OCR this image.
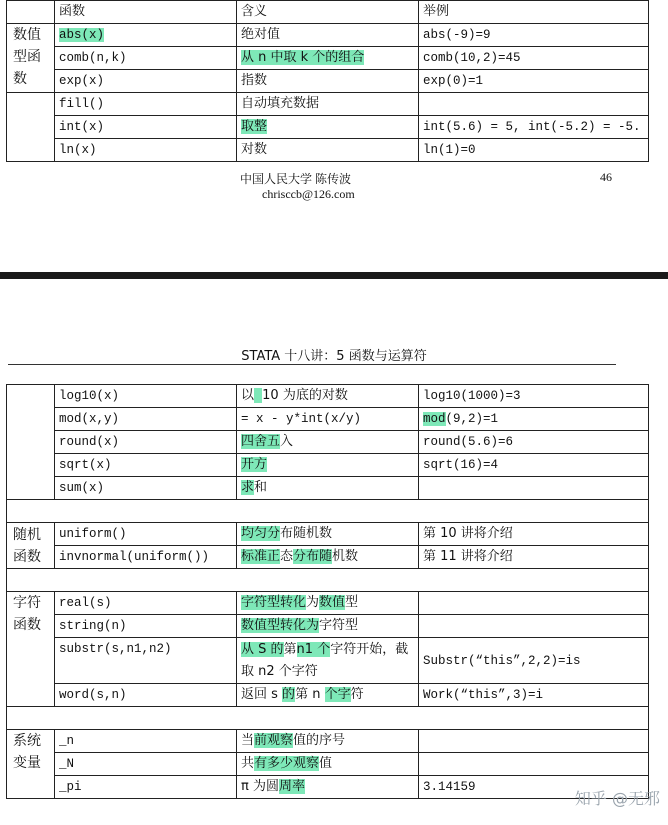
	函数	含义	举例

数值型函数	abs(x)	绝对值	abs(-9)=9
	comb(n,k)	从 n 中取 k 个的组合	comb(10,2)=45
	exp(x)	指数	exp(0)=1
	fill()	自动填充数据	
	int(x)	取整	int(5.6) = 5, int(-5.2) = -5.
	ln(x)	对数	ln(1)=0
中国人民大学 陈传波
chrisccb@126.com
46
STATA 十八讲：5 函数与运算符
	log10(x)	以 10 为底的对数	log10(1000)=3
	mod(x,y)	= x - y*int(x/y)	mod(9,2)=1
	round(x)	四舍五入	round(5.6)=6
	sqrt(x)	开方	sqrt(16)=4
	sum(x)	求和	

随机函数	uniform()	均匀分布随机数	第 10 讲将介绍
	invnormal(uniform())	标准正态分布随机数	第 11 讲将介绍

字符函数	real(s)	字符型转化为数值型	
	string(n)	数值型转化为字符型	
	substr(s,n1,n2)	从 S 的第n1 个字符开始，截取 n2 个字符	Substr(“this”,2,2)=is
	word(s,n)	返回 s 的第 n 个字符	Work(“this”,3)=i

系统变量	_n	当前观察值的序号	
	_N	共有多少观察值	
	_pi	π 为圆周率	3.14159
知乎 @无邪
